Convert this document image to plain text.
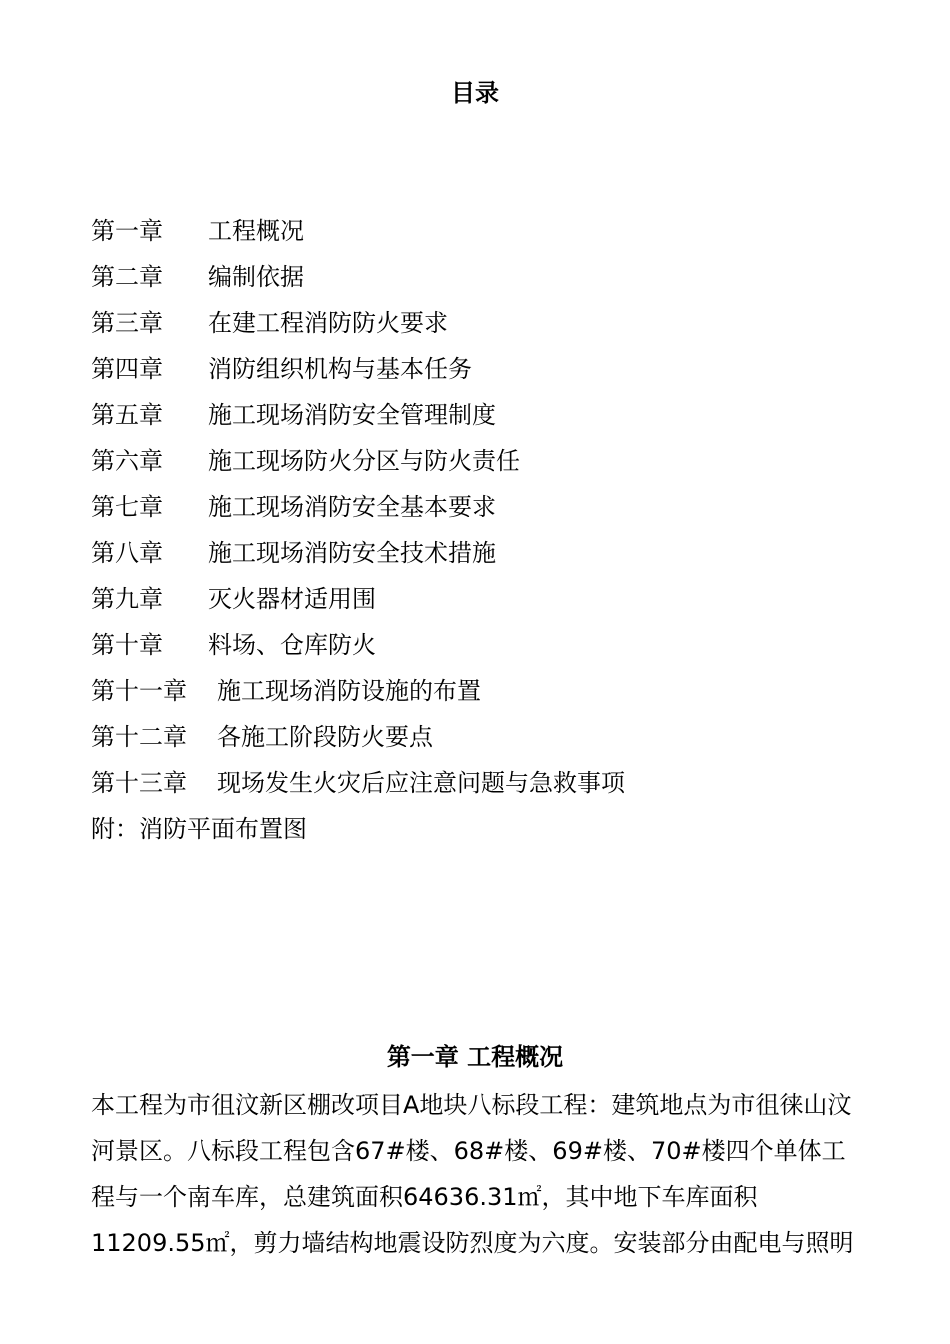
目录
第一章	工程概况
第二章	编制依据
第三章	在建工程消防防火要求
第四章	消防组织机构与基本任务
第五章	施工现场消防安全管理制度
第六章	施工现场防火分区与防火责任
第七章	施工现场消防安全基本要求
第八章	施工现场消防安全技术措施
第九章	灭火器材适用围
第十章	料场、仓库防火
第十一章	施工现场消防设施的布置
第十二章	各施工阶段防火要点
第十三章	现场发生火灾后应注意问题与急救事项
附：消防平面布置图
第一章 工程概况
本工程为市徂汶新区棚改项目A地块八标段工程：建筑地点为市徂徕山汶
河景区。八标段工程包含67#楼、68#楼、69#楼、70#楼四个单体工
程与一个南车库，总建筑面积64636.31㎡，其中地下车库面积
11209.55㎡，剪力墙结构地震设防烈度为六度。安装部分由配电与照明
